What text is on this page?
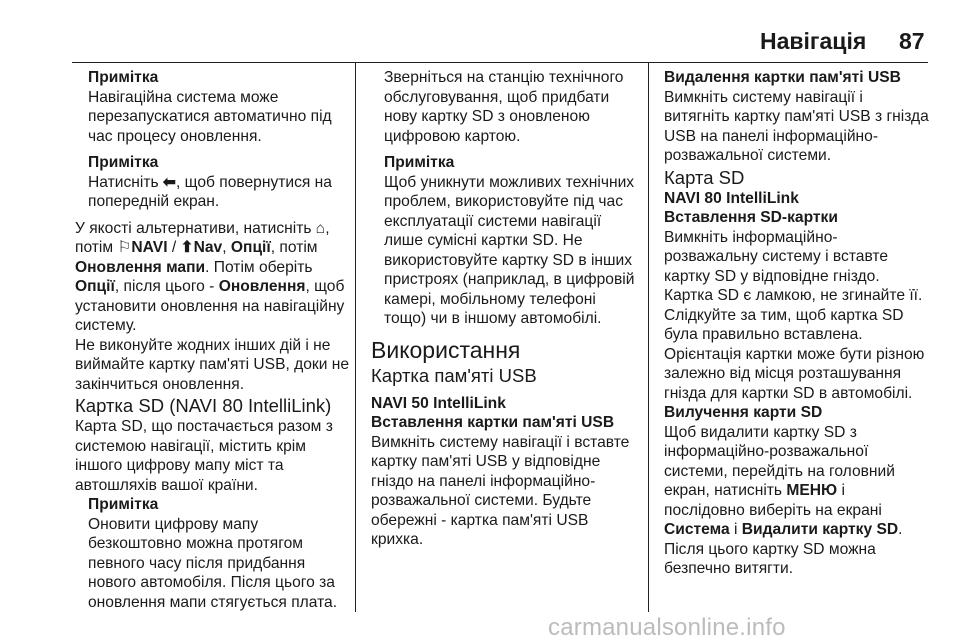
Навігація 87

Примітка

Навігаційна система може перезапускатися автоматично під час процесу оновлення.

Примітка

Натисніть ⬅, щоб повернутися на попередній екран.

У якості альтернативи, натисніть ⌂, потім ⚐NAVI / ⬆Nav, Опції, потім Оновлення мапи. Потім оберіть Опції, після цього - Оновлення, щоб установити оновлення на навігаційну систему.

Не виконуйте жодних інших дій і не виймайте картку пам'яті USB, доки не закінчиться оновлення.

Картка SD (NAVI 80 IntelliLink)

Карта SD, що постачається разом з системою навігації, містить крім іншого цифрову мапу міст та автошляхів вашої країни.

Примітка

Оновити цифрову мапу безкоштовно можна протягом певного часу після придбання нового автомобіля. Після цього за оновлення мапи стягується плата.

Зверніться на станцію технічного обслуговування, щоб придбати нову картку SD з оновленою цифровою картою.

Примітка

Щоб уникнути можливих технічних проблем, використовуйте під час експлуатації системи навігації лише сумісні картки SD. Не використовуйте картку SD в інших пристроях (наприклад, в цифровій камері, мобільному телефоні тощо) чи в іншому автомобілі.

Використання

Картка пам'яті USB

NAVI 50 IntelliLink

Вставлення картки пам'яті USB

Вимкніть систему навігації і вставте картку пам'яті USB у відповідне гніздо на панелі інформаційно-розважальної системи. Будьте обережні - картка пам'яті USB крихка.

Видалення картки пам'яті USB

Вимкніть систему навігації і витягніть картку пам'яті USB з гнізда USB на панелі інформаційно-розважальної системи.

Карта SD

NAVI 80 IntelliLink

Вставлення SD-картки

Вимкніть інформаційно-розважальну систему і вставте картку SD у відповідне гніздо. Картка SD є ламкою, не згинайте її.

Слідкуйте за тим, щоб картка SD була правильно вставлена. Орієнтація картки може бути різною залежно від місця розташування гнізда для картки SD в автомобілі.

Вилучення карти SD

Щоб видалити картку SD з інформаційно-розважальної системи, перейдіть на головний екран, натисніть МЕНЮ і послідовно виберіть на екрані Система і Видалити картку SD. Після цього картку SD можна безпечно витягти.

carmanualsonline.info
